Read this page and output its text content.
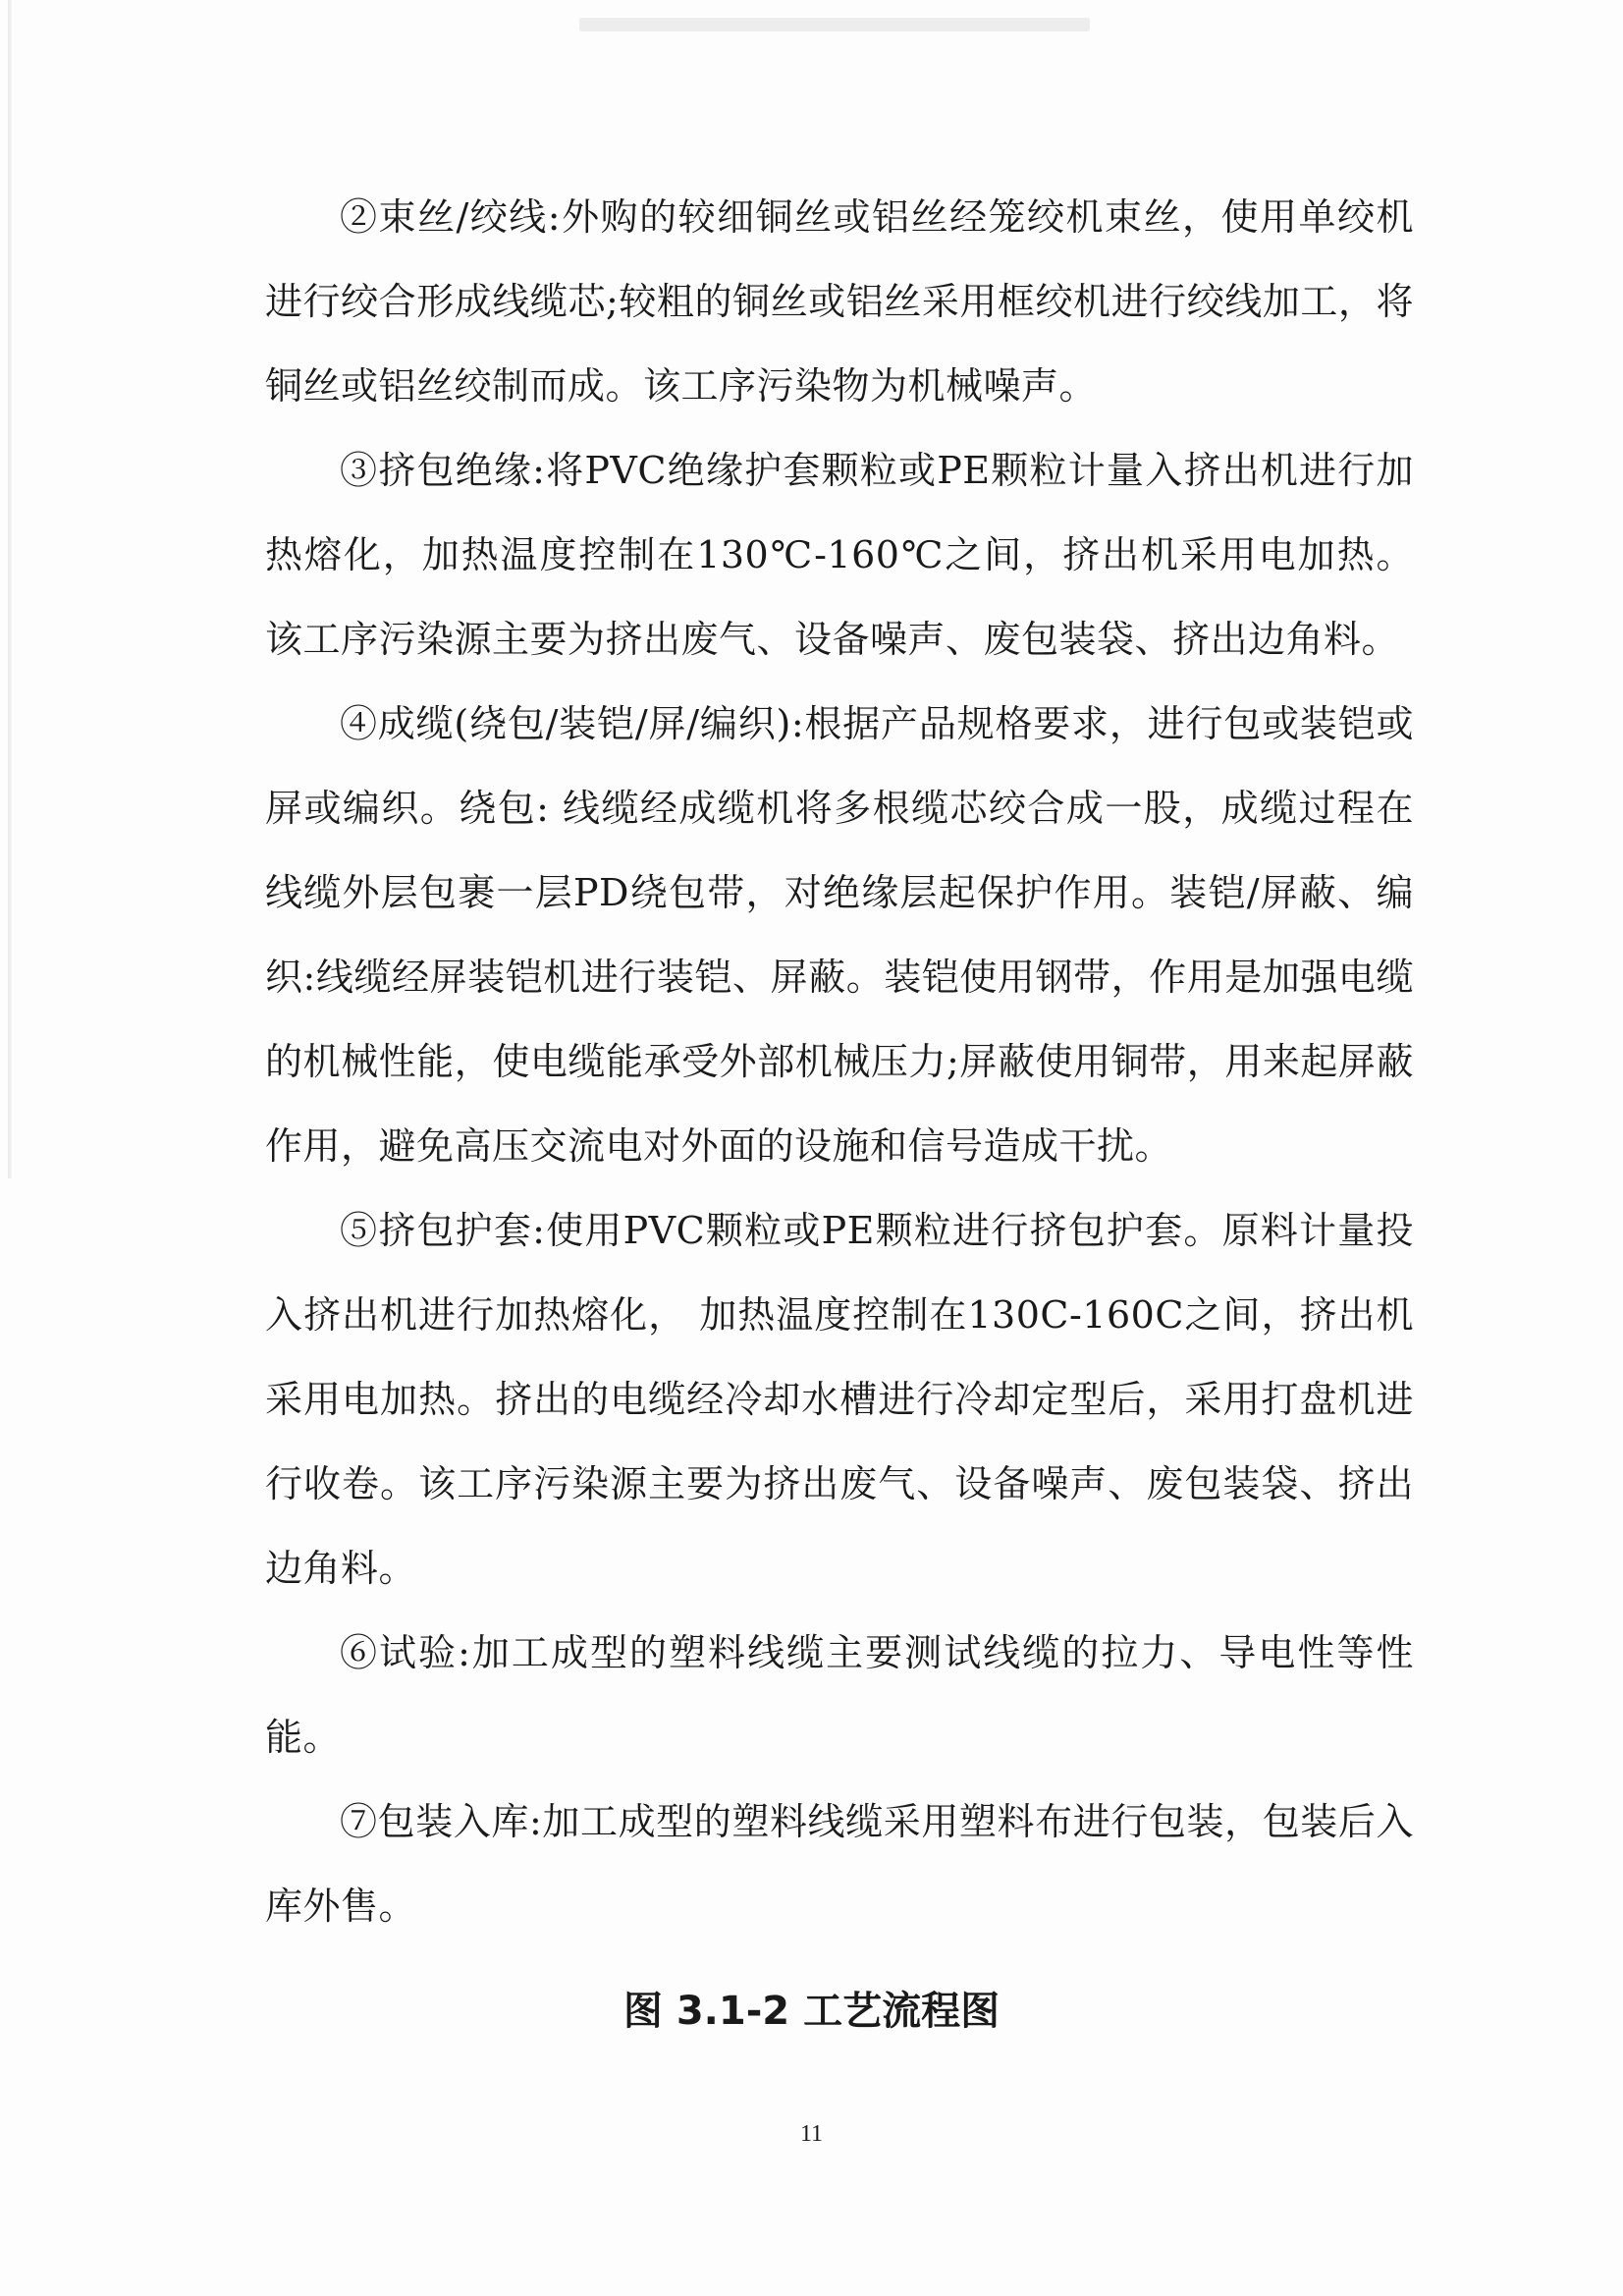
②束丝/绞线:外购的较细铜丝或铝丝经笼绞机束丝，使用单绞机进行绞合形成线缆芯;较粗的铜丝或铝丝采用框绞机进行绞线加工，将铜丝或铝丝绞制而成。该工序污染物为机械噪声。

③挤包绝缘:将PVC绝缘护套颗粒或PE颗粒计量入挤出机进行加热熔化，加热温度控制在130℃-160℃之间，挤出机采用电加热。该工序污染源主要为挤出废气、设备噪声、废包装袋、挤出边角料。

④成缆(绕包/装铠/屏/编织):根据产品规格要求，进行包或装铠或屏或编织。绕包: 线缆经成缆机将多根缆芯绞合成一股，成缆过程在线缆外层包裹一层PD绕包带，对绝缘层起保护作用。装铠/屏蔽、编织:线缆经屏装铠机进行装铠、屏蔽。装铠使用钢带，作用是加强电缆的机械性能，使电缆能承受外部机械压力;屏蔽使用铜带，用来起屏蔽作用，避免高压交流电对外面的设施和信号造成干扰。

⑤挤包护套:使用PVC颗粒或PE颗粒进行挤包护套。原料计量投入挤出机进行加热熔化， 加热温度控制在130C-160C之间，挤出机采用电加热。挤出的电缆经冷却水槽进行冷却定型后，采用打盘机进行收卷。该工序污染源主要为挤出废气、设备噪声、废包装袋、挤出边角料。

⑥试验:加工成型的塑料线缆主要测试线缆的拉力、导电性等性能。

⑦包装入库:加工成型的塑料线缆采用塑料布进行包装，包装后入库外售。

图 3.1-2 工艺流程图
11
